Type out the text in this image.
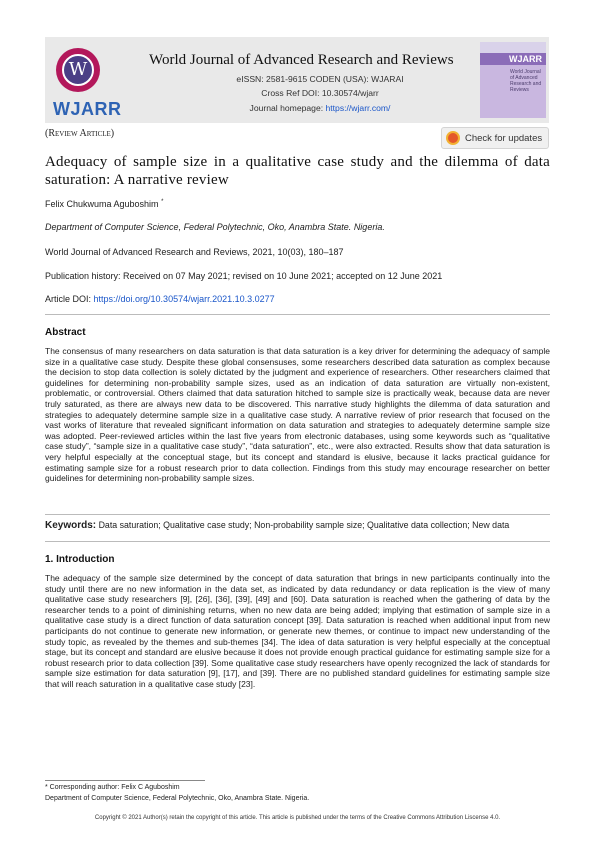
W
WJARR
World Journal of Advanced Research and Reviews
eISSN: 2581-9615 CODEN (USA): WJARAI
Cross Ref DOI: 10.30574/wjarr
Journal homepage: https://wjarr.com/
WJARR
World Journal of Advanced Research and Reviews
(Review Article)	Check for updates
Adequacy of sample size in a qualitative case study and the dilemma of data saturation: A narrative review
Felix Chukwuma Aguboshim *
Department of Computer Science, Federal Polytechnic, Oko, Anambra State. Nigeria.
World Journal of Advanced Research and Reviews, 2021, 10(03), 180–187
Publication history: Received on 07 May 2021; revised on 10 June 2021; accepted on 12 June 2021
Article DOI: https://doi.org/10.30574/wjarr.2021.10.3.0277
Abstract
The consensus of many researchers on data saturation is that data saturation is a key driver for determining the adequacy of sample size in a qualitative case study. Despite these global consensuses, some researchers described data saturation as complex because the decision to stop data collection is solely dictated by the judgment and experience of researchers. Other researchers claimed that guidelines for determining non-probability sample sizes, used as an indication of data saturation are virtually non-existent, problematic, or controversial. Others claimed that data saturation hitched to sample size is practically weak, because data are never truly saturated, as there are always new data to be discovered. This narrative study highlights the dilemma of data saturation and strategies to adequately determine sample size in a qualitative case study. A narrative review of prior research that focused on the vast works of literature that revealed significant information on data saturation and strategies to adequately determine sample size was adopted. Peer-reviewed articles within the last five years from electronic databases, using some keywords such as “qualitative case study”, “sample size in a qualitative case study”, “data saturation”, etc., were also extracted. Results show that data saturation is very helpful especially at the conceptual stage, but its concept and standard is elusive, because it lacks practical guidance for estimating sample size for a robust research prior to data collection. Findings from this study may encourage researcher on better guidelines for determining non-probability sample sizes.
Keywords: Data saturation; Qualitative case study; Non-probability sample size; Qualitative data collection; New data
1. Introduction
The adequacy of the sample size determined by the concept of data saturation that brings in new participants continually into the study until there are no new information in the data set, as indicated by data redundancy or data replication is the view of many qualitative case study researchers [9], [26], [36], [39], [49] and [60]. Data saturation is reached when the gathering of data by the researcher tends to a point of diminishing returns, when no new data are being added; implying that estimation of sample size in a qualitative case study is a direct function of data saturation concept [39]. Data saturation is reached when additional input from new participants do not continue to generate new information, or generate new themes, or continue to impact new understanding of the study topic, as revealed by the themes and sub-themes [34]. The idea of data saturation is very helpful especially at the conceptual stage, but its concept and standard are elusive because it does not provide enough practical guidance for estimating sample size for a robust research prior to data collection [39]. Some qualitative case study researchers have openly recognized the lack of standards for sample size estimation for data saturation [9], [17], and [39]. There are no published standard guidelines for estimating sample size that will reach saturation in a qualitative case study [23].
* Corresponding author: Felix C Aguboshim
Department of Computer Science, Federal Polytechnic, Oko, Anambra State. Nigeria.
Copyright © 2021 Author(s) retain the copyright of this article. This article is published under the terms of the Creative Commons Attribution Liscense 4.0.
